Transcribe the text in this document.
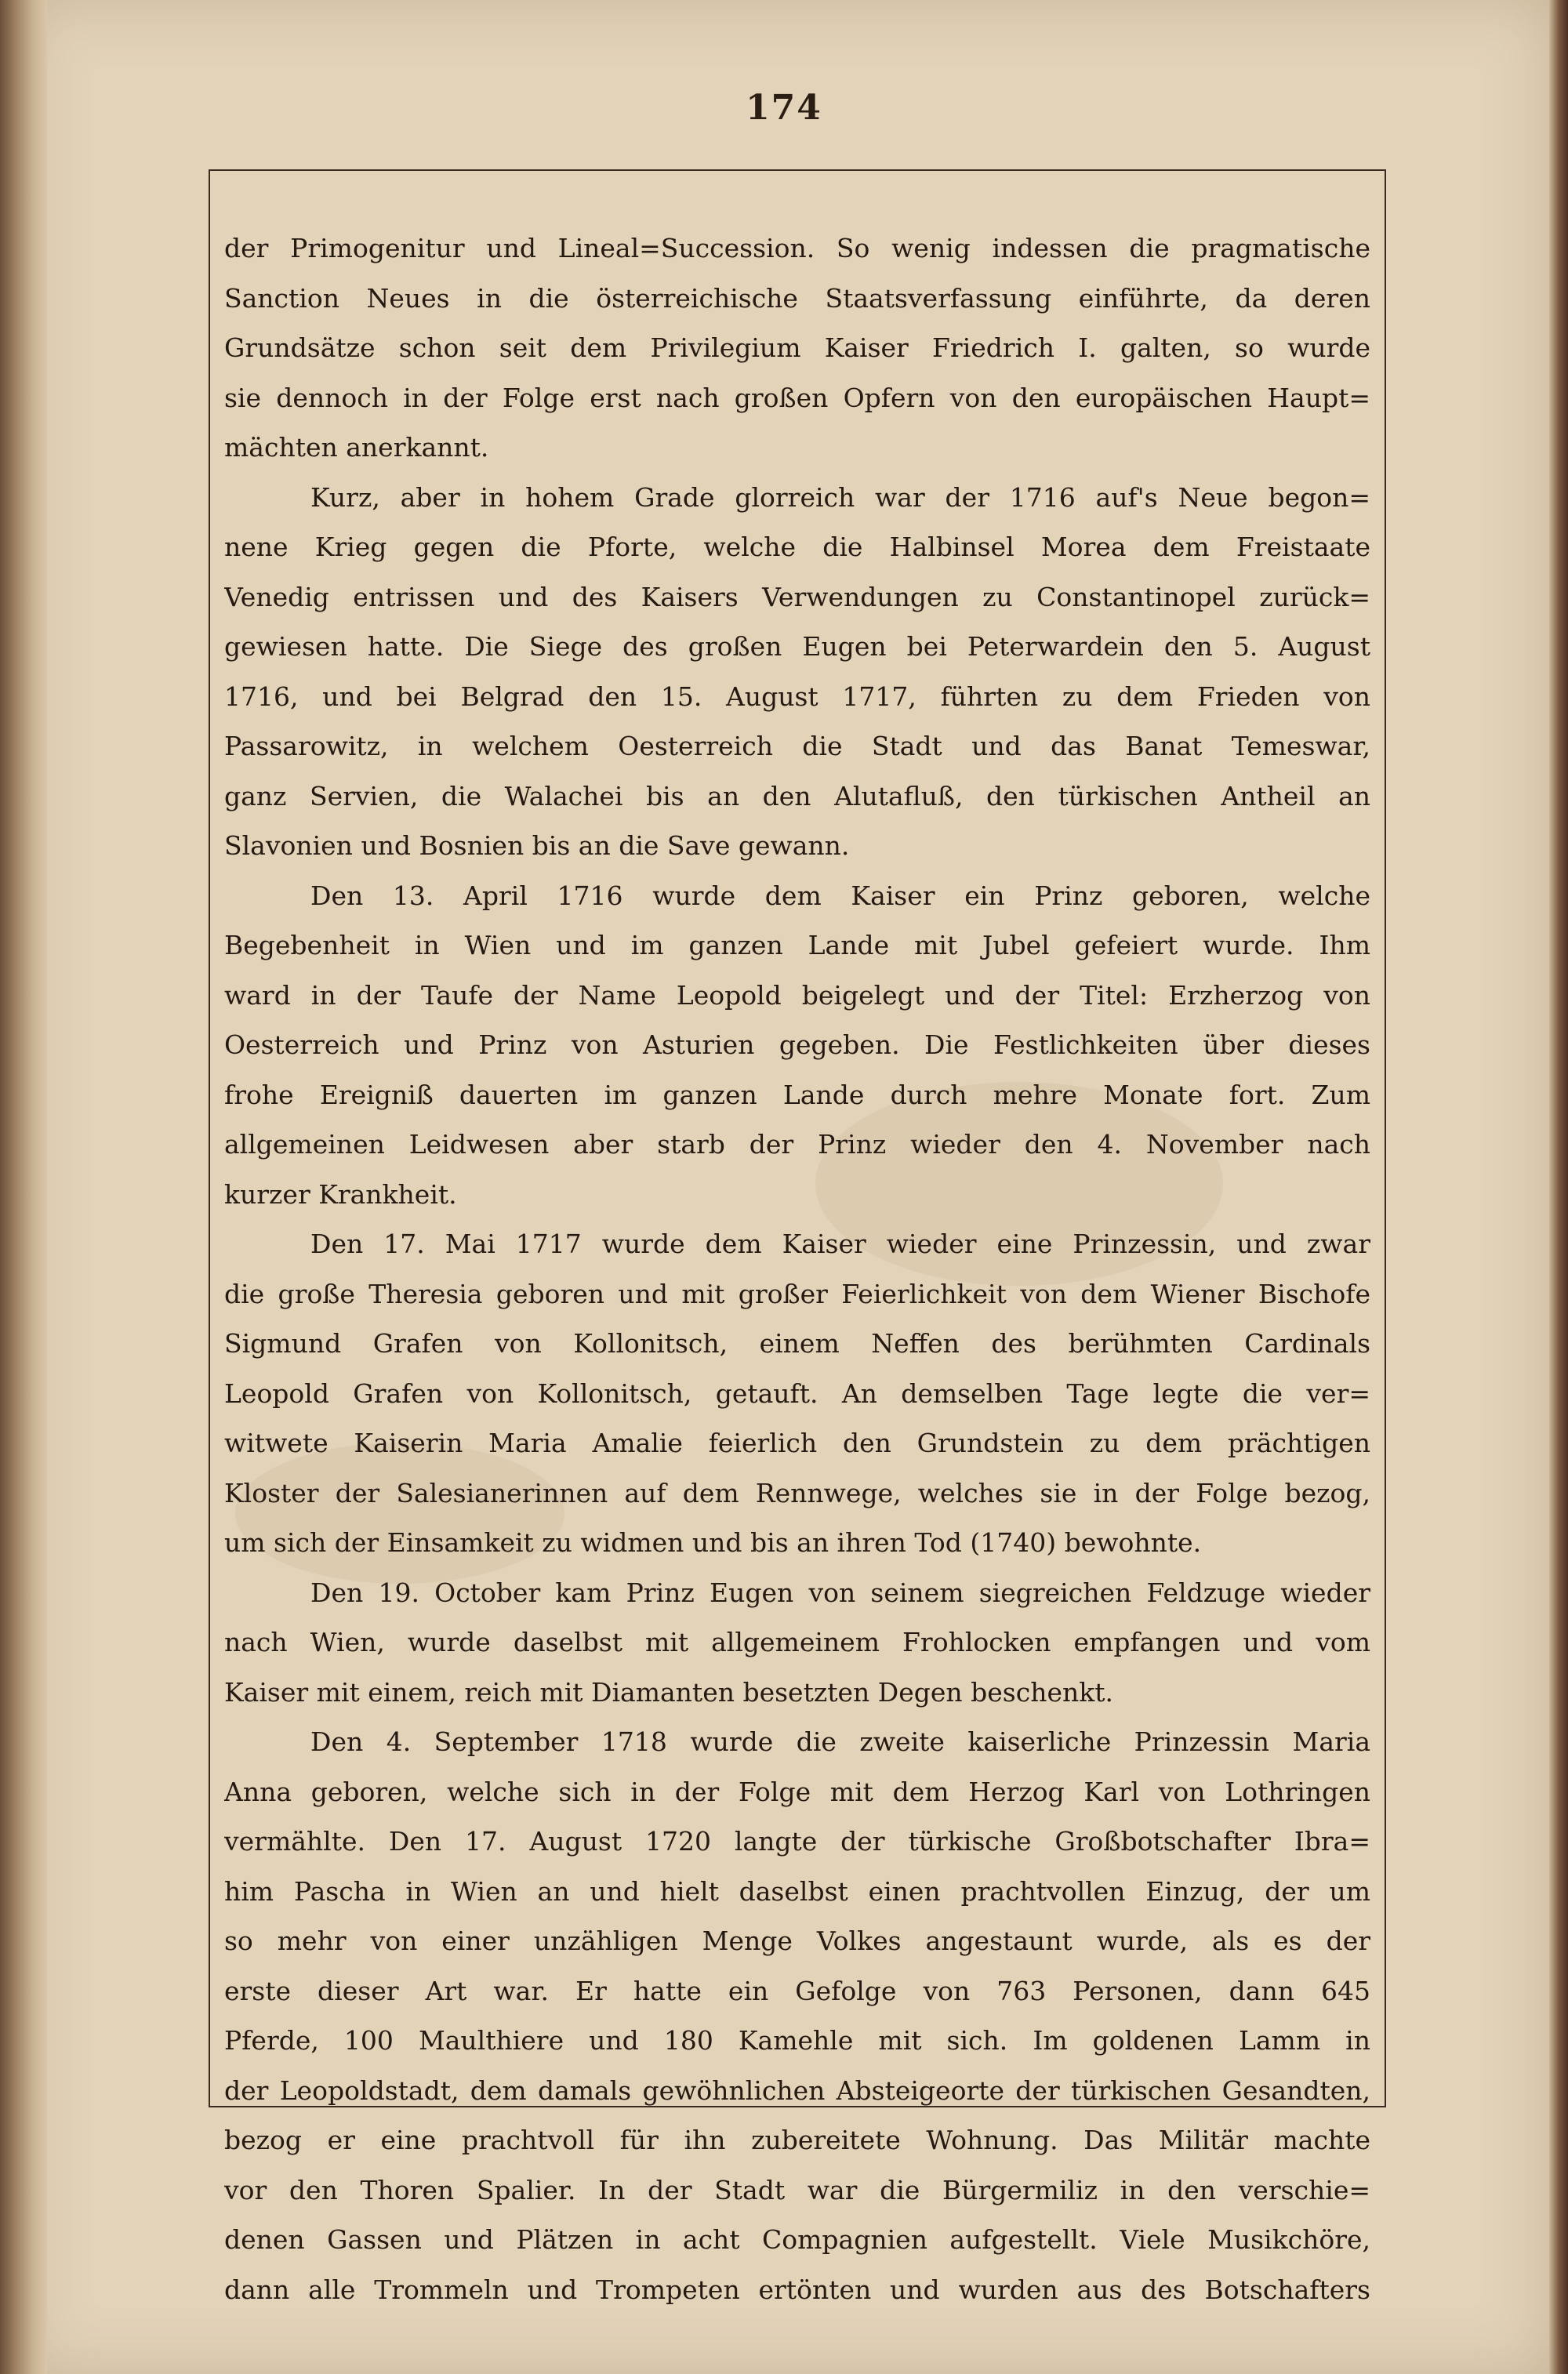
174
der Primogenitur und Lineal=Succession. So wenig indessen die pragmatische
Sanction Neues in die österreichische Staatsverfassung einführte, da deren
Grundsätze schon seit dem Privilegium Kaiser Friedrich I. galten, so wurde
sie dennoch in der Folge erst nach großen Opfern von den europäischen Haupt=
mächten anerkannt.
Kurz, aber in hohem Grade glorreich war der 1716 auf's Neue begon=
nene Krieg gegen die Pforte, welche die Halbinsel Morea dem Freistaate
Venedig entrissen und des Kaisers Verwendungen zu Constantinopel zurück=
gewiesen hatte. Die Siege des großen Eugen bei Peterwardein den 5. August
1716, und bei Belgrad den 15. August 1717, führten zu dem Frieden von
Passarowitz, in welchem Oesterreich die Stadt und das Banat Temeswar,
ganz Servien, die Walachei bis an den Alutafluß, den türkischen Antheil an
Slavonien und Bosnien bis an die Save gewann.
Den 13. April 1716 wurde dem Kaiser ein Prinz geboren, welche
Begebenheit in Wien und im ganzen Lande mit Jubel gefeiert wurde. Ihm
ward in der Taufe der Name Leopold beigelegt und der Titel: Erzherzog von
Oesterreich und Prinz von Asturien gegeben. Die Festlichkeiten über dieses
frohe Ereigniß dauerten im ganzen Lande durch mehre Monate fort. Zum
allgemeinen Leidwesen aber starb der Prinz wieder den 4. November nach
kurzer Krankheit.
Den 17. Mai 1717 wurde dem Kaiser wieder eine Prinzessin, und zwar
die große Theresia geboren und mit großer Feierlichkeit von dem Wiener Bischofe
Sigmund Grafen von Kollonitsch, einem Neffen des berühmten Cardinals
Leopold Grafen von Kollonitsch, getauft. An demselben Tage legte die ver=
witwete Kaiserin Maria Amalie feierlich den Grundstein zu dem prächtigen
Kloster der Salesianerinnen auf dem Rennwege, welches sie in der Folge bezog,
um sich der Einsamkeit zu widmen und bis an ihren Tod (1740) bewohnte.
Den 19. October kam Prinz Eugen von seinem siegreichen Feldzuge wieder
nach Wien, wurde daselbst mit allgemeinem Frohlocken empfangen und vom
Kaiser mit einem, reich mit Diamanten besetzten Degen beschenkt.
Den 4. September 1718 wurde die zweite kaiserliche Prinzessin Maria
Anna geboren, welche sich in der Folge mit dem Herzog Karl von Lothringen
vermählte. Den 17. August 1720 langte der türkische Großbotschafter Ibra=
him Pascha in Wien an und hielt daselbst einen prachtvollen Einzug, der um
so mehr von einer unzähligen Menge Volkes angestaunt wurde, als es der
erste dieser Art war. Er hatte ein Gefolge von 763 Personen, dann 645
Pferde, 100 Maulthiere und 180 Kamehle mit sich. Im goldenen Lamm in
der Leopoldstadt, dem damals gewöhnlichen Absteigeorte der türkischen Gesandten,
bezog er eine prachtvoll für ihn zubereitete Wohnung. Das Militär machte
vor den Thoren Spalier. In der Stadt war die Bürgermiliz in den verschie=
denen Gassen und Plätzen in acht Compagnien aufgestellt. Viele Musikchöre,
dann alle Trommeln und Trompeten ertönten und wurden aus des Botschafters
